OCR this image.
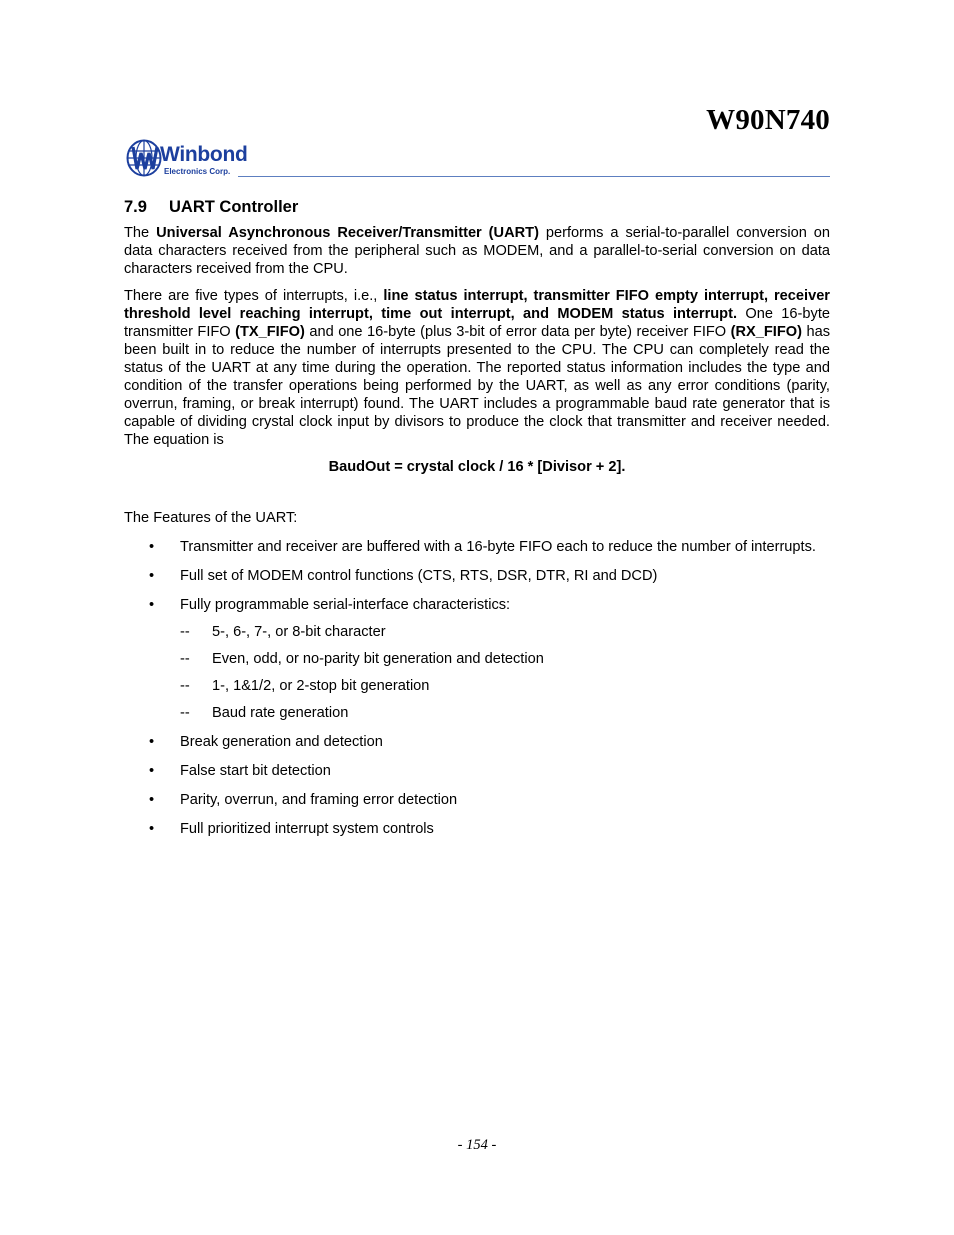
W90N740
Winbond
Electronics Corp.
7.9 UART Controller

The Universal Asynchronous Receiver/Transmitter (UART) performs a serial-to-parallel conversion on data characters received from the peripheral such as MODEM, and a parallel-to-serial conversion on data characters received from the CPU.

There are five types of interrupts, i.e., line status interrupt, transmitter FIFO empty interrupt, receiver threshold level reaching interrupt, time out interrupt, and MODEM status interrupt. One 16-byte transmitter FIFO (TX_FIFO) and one 16-byte (plus 3-bit of error data per byte) receiver FIFO (RX_FIFO) has been built in to reduce the number of interrupts presented to the CPU. The CPU can completely read the status of the UART at any time during the operation. The reported status information includes the type and condition of the transfer operations being performed by the UART, as well as any error conditions (parity, overrun, framing, or break interrupt) found. The UART includes a programmable baud rate generator that is capable of dividing crystal clock input by divisors to produce the clock that transmitter and receiver needed. The equation is

BaudOut = crystal clock / 16 * [Divisor + 2].

The Features of the UART:

• Transmitter and receiver are buffered with a 16-byte FIFO each to reduce the number of interrupts.
• Full set of MODEM control functions (CTS, RTS, DSR, DTR, RI and DCD)
• Fully programmable serial-interface characteristics:
-- 5-, 6-, 7-, or 8-bit character
-- Even, odd, or no-parity bit generation and detection
-- 1-, 1&1/2, or 2-stop bit generation
-- Baud rate generation
• Break generation and detection
• False start bit detection
• Parity, overrun, and framing error detection
• Full prioritized interrupt system controls
- 154 -
